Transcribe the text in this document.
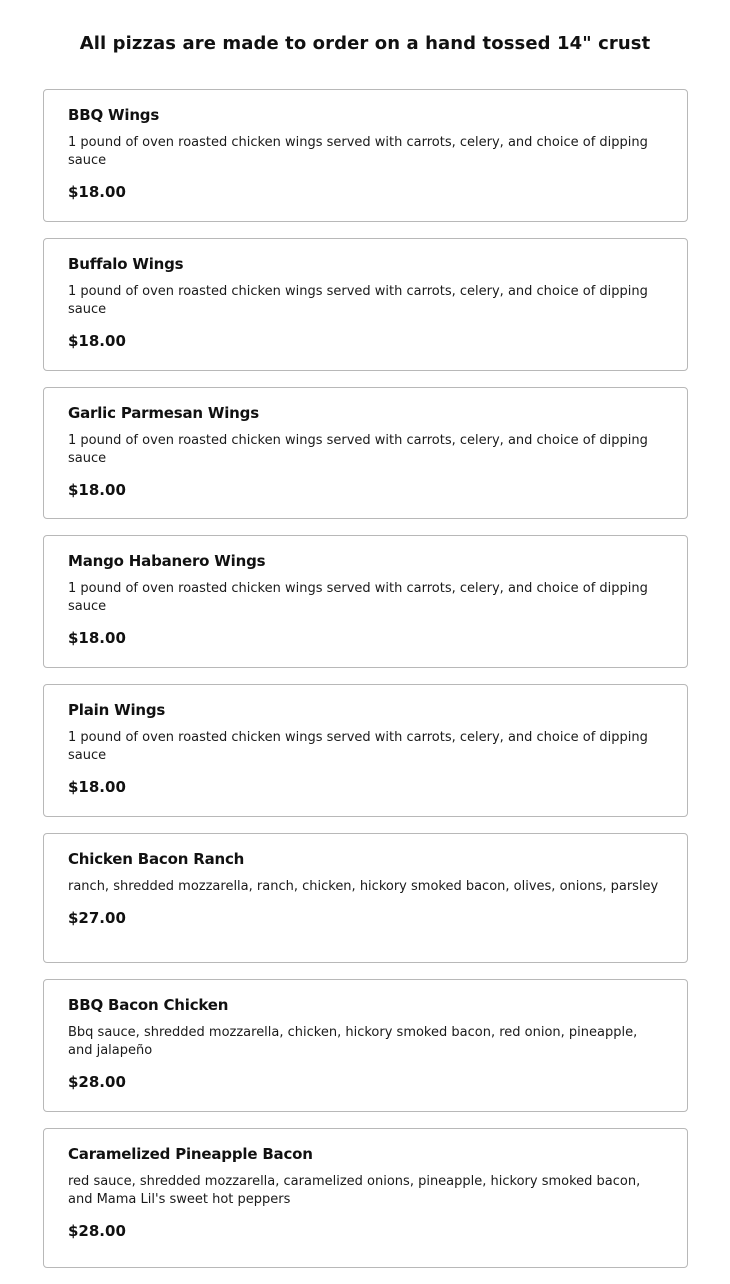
All pizzas are made to order on a hand tossed 14" crust
BBQ Wings
1 pound of oven roasted chicken wings served with carrots, celery, and choice of dipping sauce
$18.00
Buffalo Wings
1 pound of oven roasted chicken wings served with carrots, celery, and choice of dipping sauce
$18.00
Garlic Parmesan Wings
1 pound of oven roasted chicken wings served with carrots, celery, and choice of dipping sauce
$18.00
Mango Habanero Wings
1 pound of oven roasted chicken wings served with carrots, celery, and choice of dipping sauce
$18.00
Plain Wings
1 pound of oven roasted chicken wings served with carrots, celery, and choice of dipping sauce
$18.00
Chicken Bacon Ranch
ranch, shredded mozzarella, ranch, chicken, hickory smoked bacon, olives, onions, parsley
$27.00
BBQ Bacon Chicken
Bbq sauce, shredded mozzarella, chicken, hickory smoked bacon, red onion, pineapple, and jalapeño
$28.00
Caramelized Pineapple Bacon
red sauce, shredded mozzarella, caramelized onions, pineapple, hickory smoked bacon, and Mama Lil's sweet hot peppers
$28.00
